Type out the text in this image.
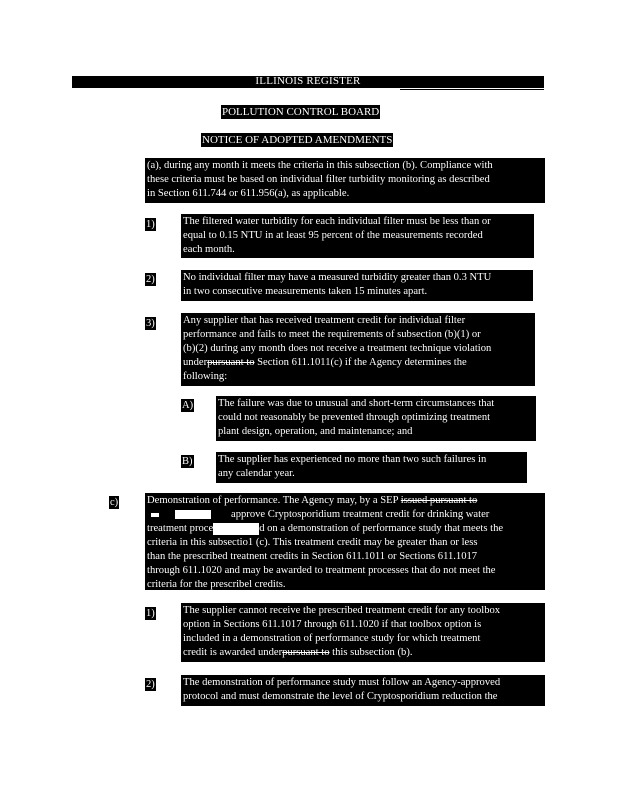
ILLINOIS REGISTER
POLLUTION CONTROL BOARD
NOTICE OF ADOPTED AMENDMENTS
(a), during any month it meets the criteria in this subsection (b). Compliance with
these criteria must be based on individual filter turbidity monitoring as described
in Section 611.744 or 611.956(a), as applicable.
1)	The filtered water turbidity for each individual filter must be less than or
equal to 0.15 NTU in at least 95 percent of the measurements recorded
each month.
2)	No individual filter may have a measured turbidity greater than 0.3 NTU
in two consecutive measurements taken 15 minutes apart.
3)	Any supplier that has received treatment credit for individual filter
performance and fails to meet the requirements of subsection (b)(1) or
(b)(2) during any month does not receive a treatment technique violation
underpursuant to Section 611.1011(c) if the Agency determines the
following:
A) The failure was due to unusual and short-term circumstances that
could not reasonably be prevented through optimizing treatment
plant design, operation, and maintenance; and
B) The supplier has experienced no more than two such failures in
any calendar year.
c)	Demonstration of performance. The Agency may, by a SEP issued pursuant to
approve Cryptosporidium treatment credit for drinking water
treatment proce	d on a demonstration of performance study that meets the
criteria in this subsectio1 (c). This treatment credit may be greater than or less
than the prescribed treatnent credits in Section 611.1011 or Sections 611.1017
through 611.1020 and may be awarded to treatment processes that do not meet the
criteria for the prescribel credits.
1)	The supplier cannot receive the prescribed treatment credit for any toolbox
option in Sections 611.1017 through 611.1020 if that toolbox option is
included in a demonstration of performance study for which treatment
credit is awarded underpursuant to this subsection (b).
2)	The demonstration of performance study must follow an Agency-approved
protocol and must demonstrate the level of Cryptosporidium reduction the
